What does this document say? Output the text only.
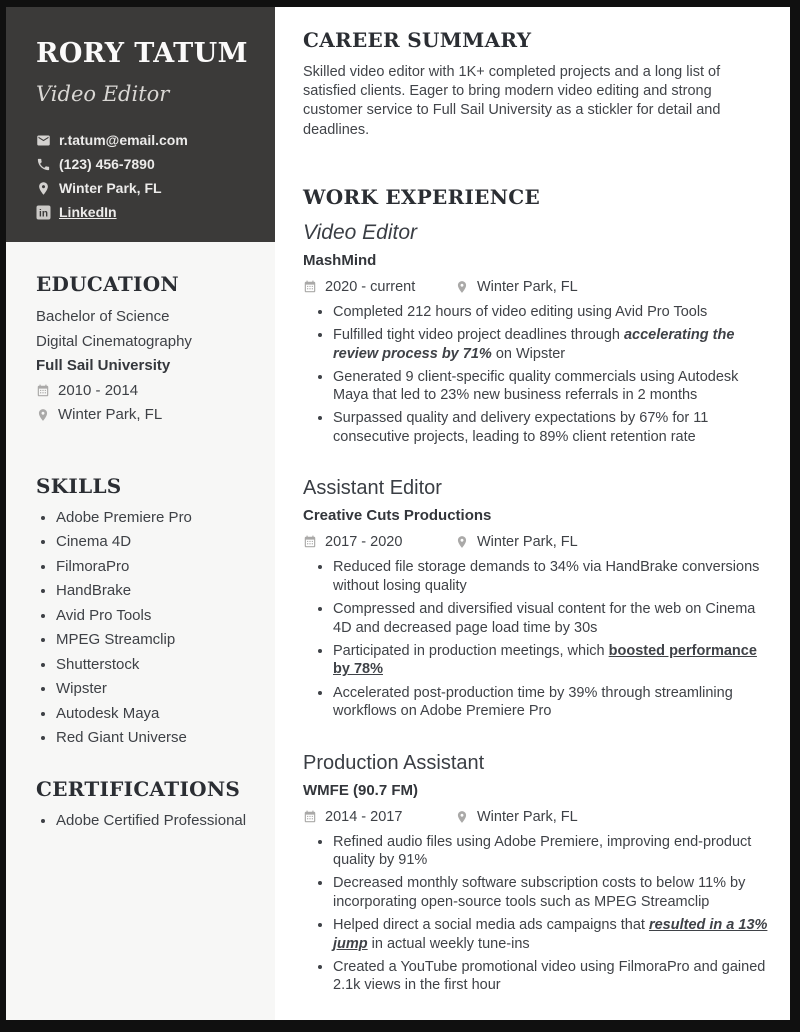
RORY TATUM
Video Editor
r.tatum@email.com
(123) 456-7890
Winter Park, FL
in LinkedIn
EDUCATION
Bachelor of Science
Digital Cinematography
Full Sail University
2010 - 2014
Winter Park, FL
SKILLS
• Adobe Premiere Pro
• Cinema 4D
• FilmoraPro
• HandBrake
• Avid Pro Tools
• MPEG Streamclip
• Shutterstock
• Wipster
• Autodesk Maya
• Red Giant Universe
CERTIFICATIONS
• Adobe Certified Professional
CAREER SUMMARY

Skilled video editor with 1K+ completed projects and a long list of satisfied clients. Eager to bring modern video editing and strong customer service to Full Sail University as a stickler for detail and deadlines.

WORK EXPERIENCE
Video Editor
MashMind
2020 - current	Winter Park, FL
• Completed 212 hours of video editing using Avid Pro Tools
• Fulfilled tight video project deadlines through accelerating the review process by 71% on Wipster
• Generated 9 client-specific quality commercials using Autodesk Maya that led to 23% new business referrals in 2 months
• Surpassed quality and delivery expectations by 67% for 11 consecutive projects, leading to 89% client retention rate
Assistant Editor
Creative Cuts Productions
2017 - 2020	Winter Park, FL
• Reduced file storage demands to 34% via HandBrake conversions without losing quality
• Compressed and diversified visual content for the web on Cinema 4D and decreased page load time by 30s
• Participated in production meetings, which boosted performance by 78%
• Accelerated post-production time by 39% through streamlining workflows on Adobe Premiere Pro
Production Assistant
WMFE (90.7 FM)
2014 - 2017	Winter Park, FL
• Refined audio files using Adobe Premiere, improving end-product quality by 91%
• Decreased monthly software subscription costs to below 11% by incorporating open-source tools such as MPEG Streamclip
• Helped direct a social media ads campaigns that resulted in a 13% jump in actual weekly tune-ins
• Created a YouTube promotional video using FilmoraPro and gained 2.1k views in the first hour
